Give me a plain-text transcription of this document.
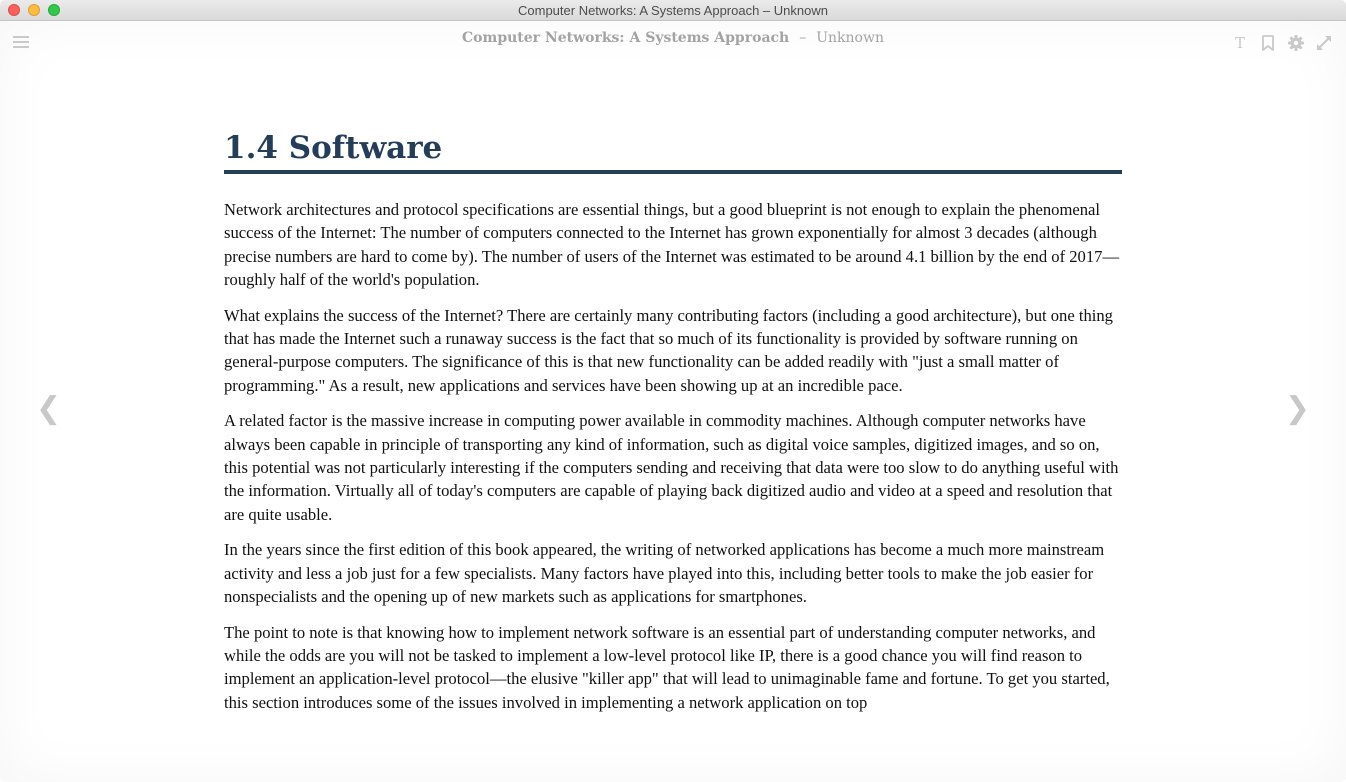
Computer Networks: A Systems Approach – Unknown
Computer Networks: A Systems Approach – Unknown	T
❮	❯
1.4 Software

Network architectures and protocol specifications are essential things, but a good blueprint is not enough to explain the phenomenal success of the Internet: The number of computers connected to the Internet has grown exponentially for almost 3 decades (although precise numbers are hard to come by). The number of users of the Internet was estimated to be around 4.1 billion by the end of 2017—roughly half of the world's population.

What explains the success of the Internet? There are certainly many contributing factors (including a good architecture), but one thing that has made the Internet such a runaway success is the fact that so much of its functionality is provided by software running on general-purpose computers. The significance of this is that new functionality can be added readily with "just a small matter of programming." As a result, new applications and services have been showing up at an incredible pace.

A related factor is the massive increase in computing power available in commodity machines. Although computer networks have always been capable in principle of transporting any kind of information, such as digital voice samples, digitized images, and so on, this potential was not particularly interesting if the computers sending and receiving that data were too slow to do anything useful with the information. Virtually all of today's computers are capable of playing back digitized audio and video at a speed and resolution that are quite usable.

In the years since the first edition of this book appeared, the writing of networked applications has become a much more mainstream activity and less a job just for a few specialists. Many factors have played into this, including better tools to make the job easier for nonspecialists and the opening up of new markets such as applications for smartphones.

The point to note is that knowing how to implement network software is an essential part of understanding computer networks, and while the odds are you will not be tasked to implement a low-level protocol like IP, there is a good chance you will find reason to implement an application-level protocol—the elusive "killer app" that will lead to unimaginable fame and fortune. To get you started, this section introduces some of the issues involved in implementing a network application on top
